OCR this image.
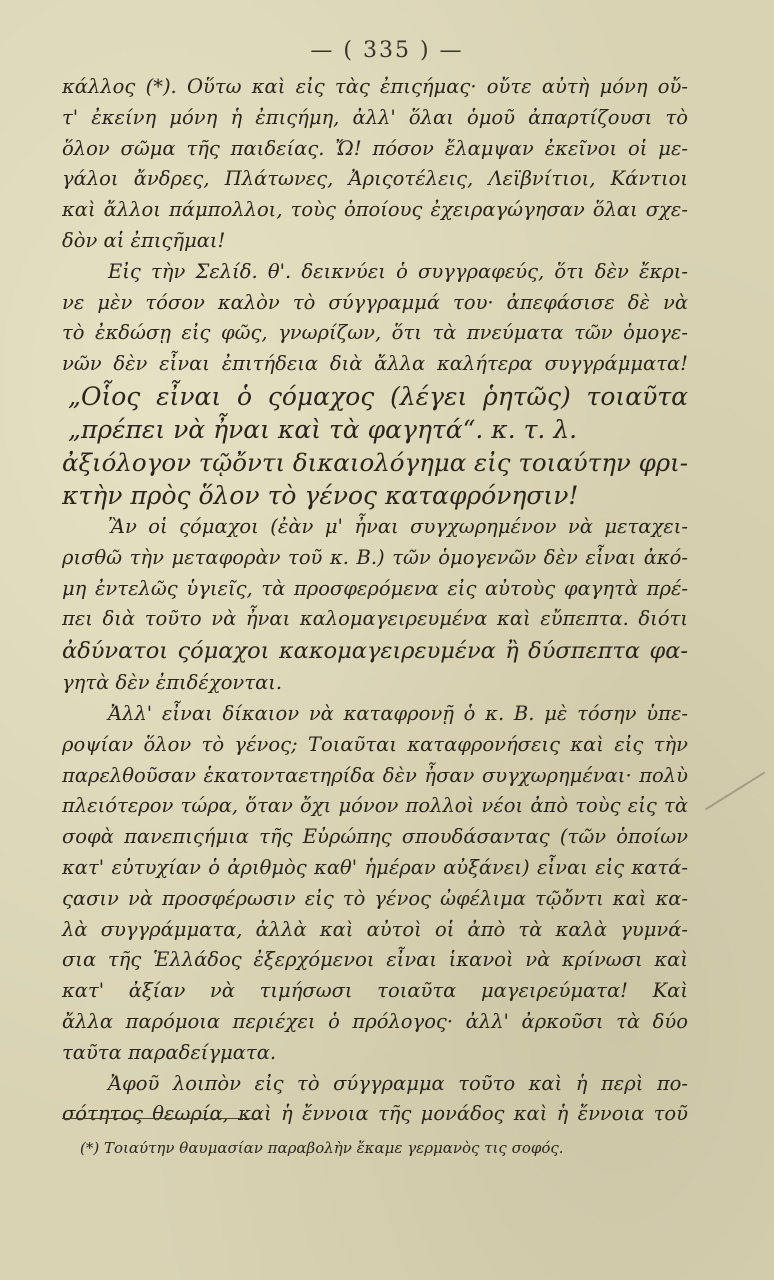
— ( 335 ) —
κάλλος (*). Οὕτω καὶ εἰς τὰς ἐπιςήμας· οὔτε αὐτὴ μόνη οὔ-
τ' ἐκείνη μόνη ἡ ἐπιςήμη, ἀλλ' ὅλαι ὁμοῦ ἀπαρτίζουσι τὸ
ὅλον σῶμα τῆς παιδείας. Ὤ! πόσον ἔλαμψαν ἐκεῖνοι οἱ με-
γάλοι ἄνδρες, Πλάτωνες, Ἀριςοτέλεις, Λεϊβνίτιοι, Κάντιοι
καὶ ἄλλοι πάμπολλοι, τοὺς ὁποίους ἐχειραγώγησαν ὅλαι σχε-
δὸν αἱ ἐπιςῆμαι!
Εἰς τὴν Σελίδ. θ'. δεικνύει ὁ συγγραφεύς, ὅτι δὲν ἔκρι-
νε μὲν τόσον καλὸν τὸ σύγγραμμά του· ἀπεφάσισε δὲ νὰ
τὸ ἐκδώσῃ εἰς φῶς, γνωρίζων, ὅτι τὰ πνεύματα τῶν ὁμογε-
νῶν δὲν εἶναι ἐπιτήδεια διὰ ἄλλα καλήτερα συγγράμματα!
„Οἷος εἶναι ὁ ςόμαχος (λέγει ῥητῶς) τοιαῦτα
„πρέπει νὰ ἦναι καὶ τὰ φαγητά“. κ. τ. λ.
ἀξιόλογον τῷὄντι δικαιολόγημα εἰς τοιαύτην φρι-
κτὴν πρὸς ὅλον τὸ γένος καταφρόνησιν!
Ἂν οἱ ςόμαχοι (ἐὰν μ' ἦναι συγχωρημένον νὰ μεταχει-
ρισθῶ τὴν μεταφορὰν τοῦ κ. Β.) τῶν ὁμογενῶν δὲν εἶναι ἀκό-
μη ἐντελῶς ὑγιεῖς, τὰ προσφερόμενα εἰς αὐτοὺς φαγητὰ πρέ-
πει διὰ τοῦτο νὰ ἦναι καλομαγειρευμένα καὶ εὔπεπτα. διότι
ἀδύνατοι ςόμαχοι κακομαγειρευμένα ἢ δύσπεπτα φα-
γητὰ δὲν ἐπιδέχονται.
Ἀλλ' εἶναι δίκαιον νὰ καταφρονῇ ὁ κ. Β. μὲ τόσην ὑπε-
ροψίαν ὅλον τὸ γένος; Τοιαῦται καταφρονήσεις καὶ εἰς τὴν
παρελθοῦσαν ἑκατονταετηρίδα δὲν ἦσαν συγχωρημέναι· πολὺ
πλειότερον τώρα, ὅταν ὄχι μόνον πολλοὶ νέοι ἀπὸ τοὺς εἰς τὰ
σοφὰ πανεπιςήμια τῆς Εὐρώπης σπουδάσαντας (τῶν ὁποίων
κατ' εὐτυχίαν ὁ ἀριθμὸς καθ' ἡμέραν αὐξάνει) εἶναι εἰς κατά-
ςασιν νὰ προσφέρωσιν εἰς τὸ γένος ὠφέλιμα τῷὄντι καὶ κα-
λὰ συγγράμματα, ἀλλὰ καὶ αὐτοὶ οἱ ἀπὸ τὰ καλὰ γυμνά-
σια τῆς Ἑλλάδος ἐξερχόμενοι εἶναι ἱκανοὶ νὰ κρίνωσι καὶ
κατ' ἀξίαν νὰ τιμήσωσι τοιαῦτα μαγειρεύματα! Καὶ
ἄλλα παρόμοια περιέχει ὁ πρόλογος· ἀλλ' ἀρκοῦσι τὰ δύο
ταῦτα παραδείγματα.
Ἀφοῦ λοιπὸν εἰς τὸ σύγγραμμα τοῦτο καὶ ἡ περὶ πο-
σότητος θεωρία, καὶ ἡ ἔννοια τῆς μονάδος καὶ ἡ ἔννοια τοῦ
(*) Τοιαύτην θαυμασίαν παραβολὴν ἔκαμε γερμανὸς τις σοφός.
